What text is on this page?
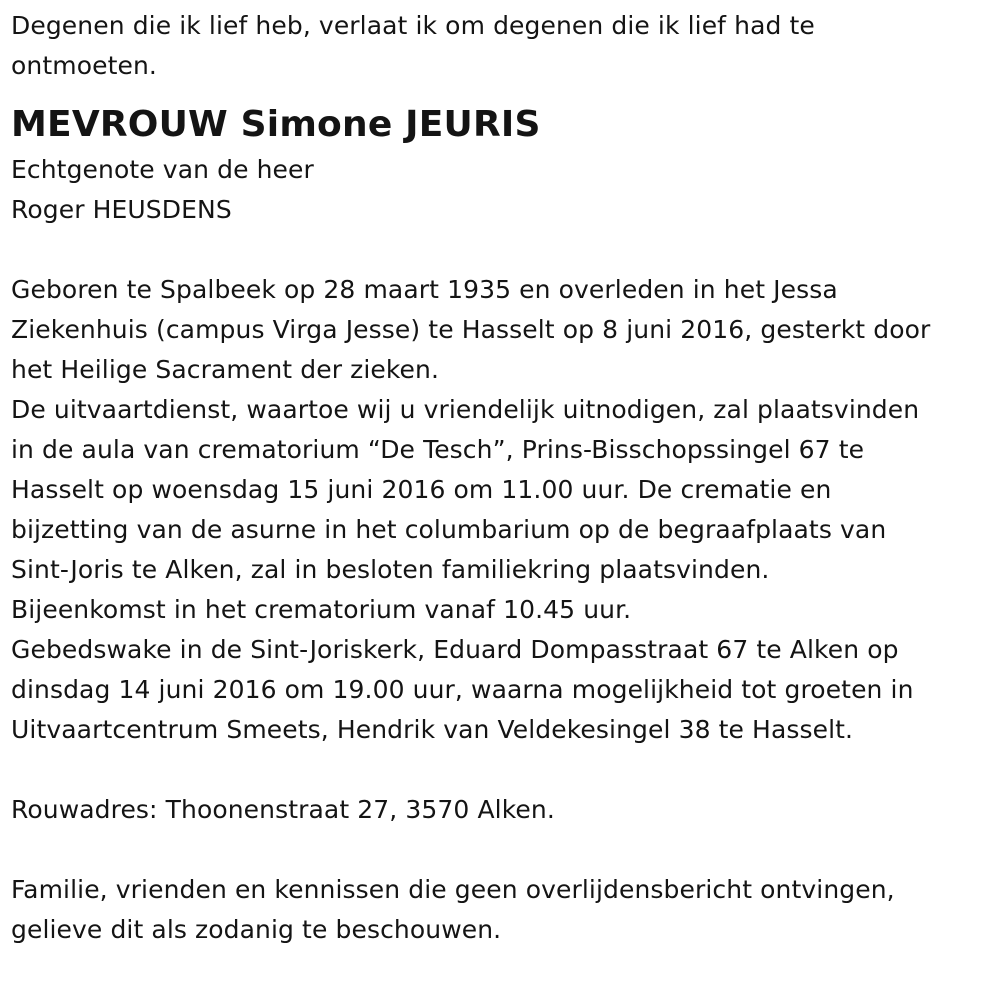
Degenen die ik lief heb, verlaat ik om degenen die ik lief had te
ontmoeten.
MEVROUW Simone JEURIS
Echtgenote van de heer
Roger HEUSDENS
Geboren te Spalbeek op 28 maart 1935 en overleden in het Jessa
Ziekenhuis (campus Virga Jesse) te Hasselt op 8 juni 2016, gesterkt door
het Heilige Sacrament der zieken.
De uitvaartdienst, waartoe wij u vriendelijk uitnodigen, zal plaatsvinden
in de aula van crematorium “De Tesch”, Prins-Bisschopssingel 67 te
Hasselt op woensdag 15 juni 2016 om 11.00 uur. De crematie en
bijzetting van de asurne in het columbarium op de begraafplaats van
Sint-Joris te Alken, zal in besloten familiekring plaatsvinden.
Bijeenkomst in het crematorium vanaf 10.45 uur.
Gebedswake in de Sint-Joriskerk, Eduard Dompasstraat 67 te Alken op
dinsdag 14 juni 2016 om 19.00 uur, waarna mogelijkheid tot groeten in
Uitvaartcentrum Smeets, Hendrik van Veldekesingel 38 te Hasselt.
Rouwadres: Thoonenstraat 27, 3570 Alken.
Familie, vrienden en kennissen die geen overlijdensbericht ontvingen,
gelieve dit als zodanig te beschouwen.
